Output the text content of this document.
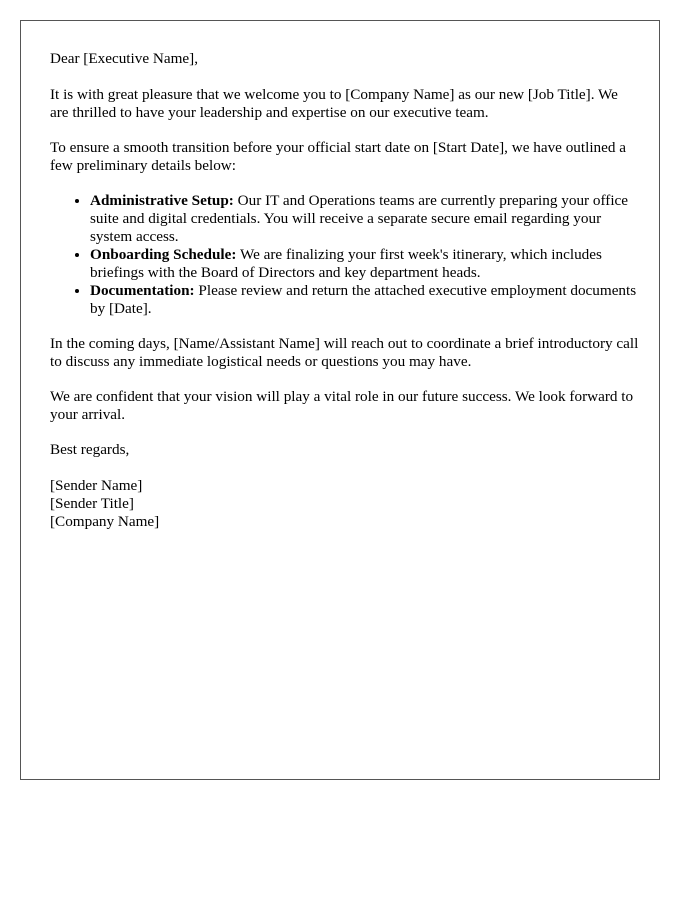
Dear [Executive Name],

It is with great pleasure that we welcome you to [Company Name] as our new [Job Title]. We are thrilled to have your leadership and expertise on our executive team.

To ensure a smooth transition before your official start date on [Start Date], we have outlined a few preliminary details below:

• Administrative Setup: Our IT and Operations teams are currently preparing your office suite and digital credentials. You will receive a separate secure email regarding your system access.
• Onboarding Schedule: We are finalizing your first week's itinerary, which includes briefings with the Board of Directors and key department heads.
• Documentation: Please review and return the attached executive employment documents by [Date].

In the coming days, [Name/Assistant Name] will reach out to coordinate a brief introductory call to discuss any immediate logistical needs or questions you may have.

We are confident that your vision will play a vital role in our future success. We look forward to your arrival.

Best regards,

[Sender Name]
[Sender Title]
[Company Name]
